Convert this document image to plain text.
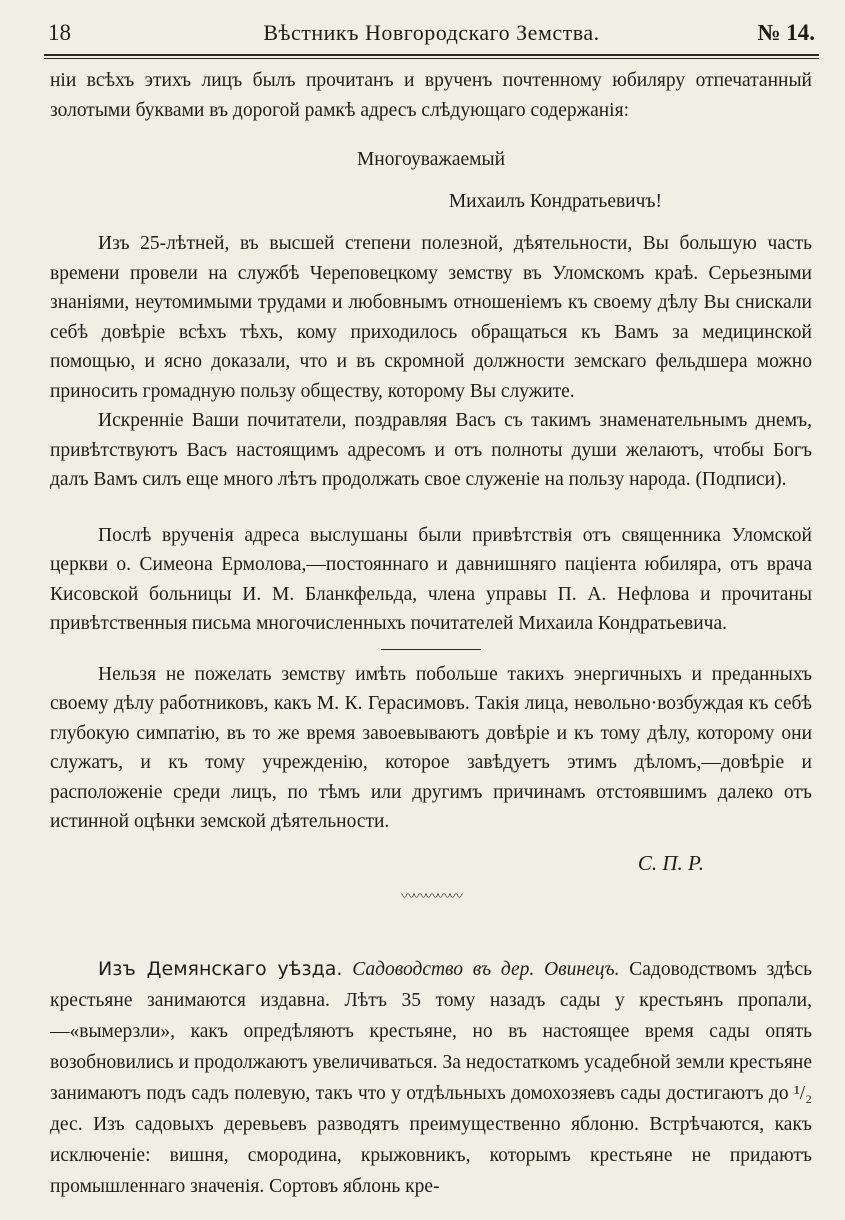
18	Вѣстникъ Новгородскаго Земства.	№ 14.

ніи всѣхъ этихъ лицъ былъ прочитанъ и врученъ почтенному юбиляру отпечатанный золотыми буквами въ дорогой рамкѣ адресъ слѣдующаго содержанія:

Многоуважаемый

Михаилъ Кондратьевичъ!

Изъ 25-лѣтней, въ высшей степени полезной, дѣятельности, Вы большую часть времени провели на службѣ Череповецкому земству въ Уломскомъ краѣ. Серьезными знаніями, неутомимыми трудами и любовнымъ отношеніемъ къ своему дѣлу Вы снискали себѣ довѣріе всѣхъ тѣхъ, кому приходилось обращаться къ Вамъ за медицинской помощью, и ясно доказали, что и въ скромной должности земскаго фельдшера можно приносить громадную пользу обществу, которому Вы служите.

Искренніе Ваши почитатели, поздравляя Васъ съ такимъ знаменательнымъ днемъ, привѣтствуютъ Васъ настоящимъ адресомъ и отъ полноты души желаютъ, чтобы Богъ далъ Вамъ силъ еще много лѣтъ продолжать свое служеніе на пользу народа. (Подписи).

Послѣ врученія адреса выслушаны были привѣтствія отъ священника Уломской церкви о. Симеона Ермолова,—постояннаго и давнишняго паціента юбиляра, отъ врача Кисовской больницы И. М. Бланкфельда, члена управы П. А. Нефлова и прочитаны привѣтственныя письма многочисленныхъ почитателей Михаила Кондратьевича.

Нельзя не пожелать земству имѣть побольше такихъ энергичныхъ и преданныхъ своему дѣлу работниковъ, какъ М. К. Герасимовъ. Такія лица, невольно·возбуждая къ себѣ глубокую симпатію, въ то же время завоевываютъ довѣріе и къ тому дѣлу, которому они служатъ, и къ тому учрежденію, которое завѣдуетъ этимъ дѣломъ,—довѣріе и расположеніе среди лицъ, по тѣмъ или другимъ причинамъ отстоявшимъ далеко отъ истинной оцѣнки земской дѣятельности.

С. П. Р.

〰〰〰〰〰

Изъ Демянскаго уѣзда. Садоводство въ дер. Овинецъ. Садоводствомъ здѣсь крестьяне занимаются издавна. Лѣтъ 35 тому назадъ сады у крестьянъ пропали,—«вымерзли», какъ опредѣляютъ крестьяне, но въ настоящее время сады опять возобновились и продолжаютъ увеличиваться. За недостаткомъ усадебной земли крестьяне занимаютъ подъ садъ полевую, такъ что у отдѣльныхъ домохозяевъ сады достигаютъ до ¹/₂ дес. Изъ садовыхъ деревьевъ разводятъ преимущественно яблоню. Встрѣчаются, какъ исключеніе: вишня, смородина, крыжовникъ, которымъ крестьяне не придаютъ промышленнаго значенія. Сортовъ яблонь кре-
